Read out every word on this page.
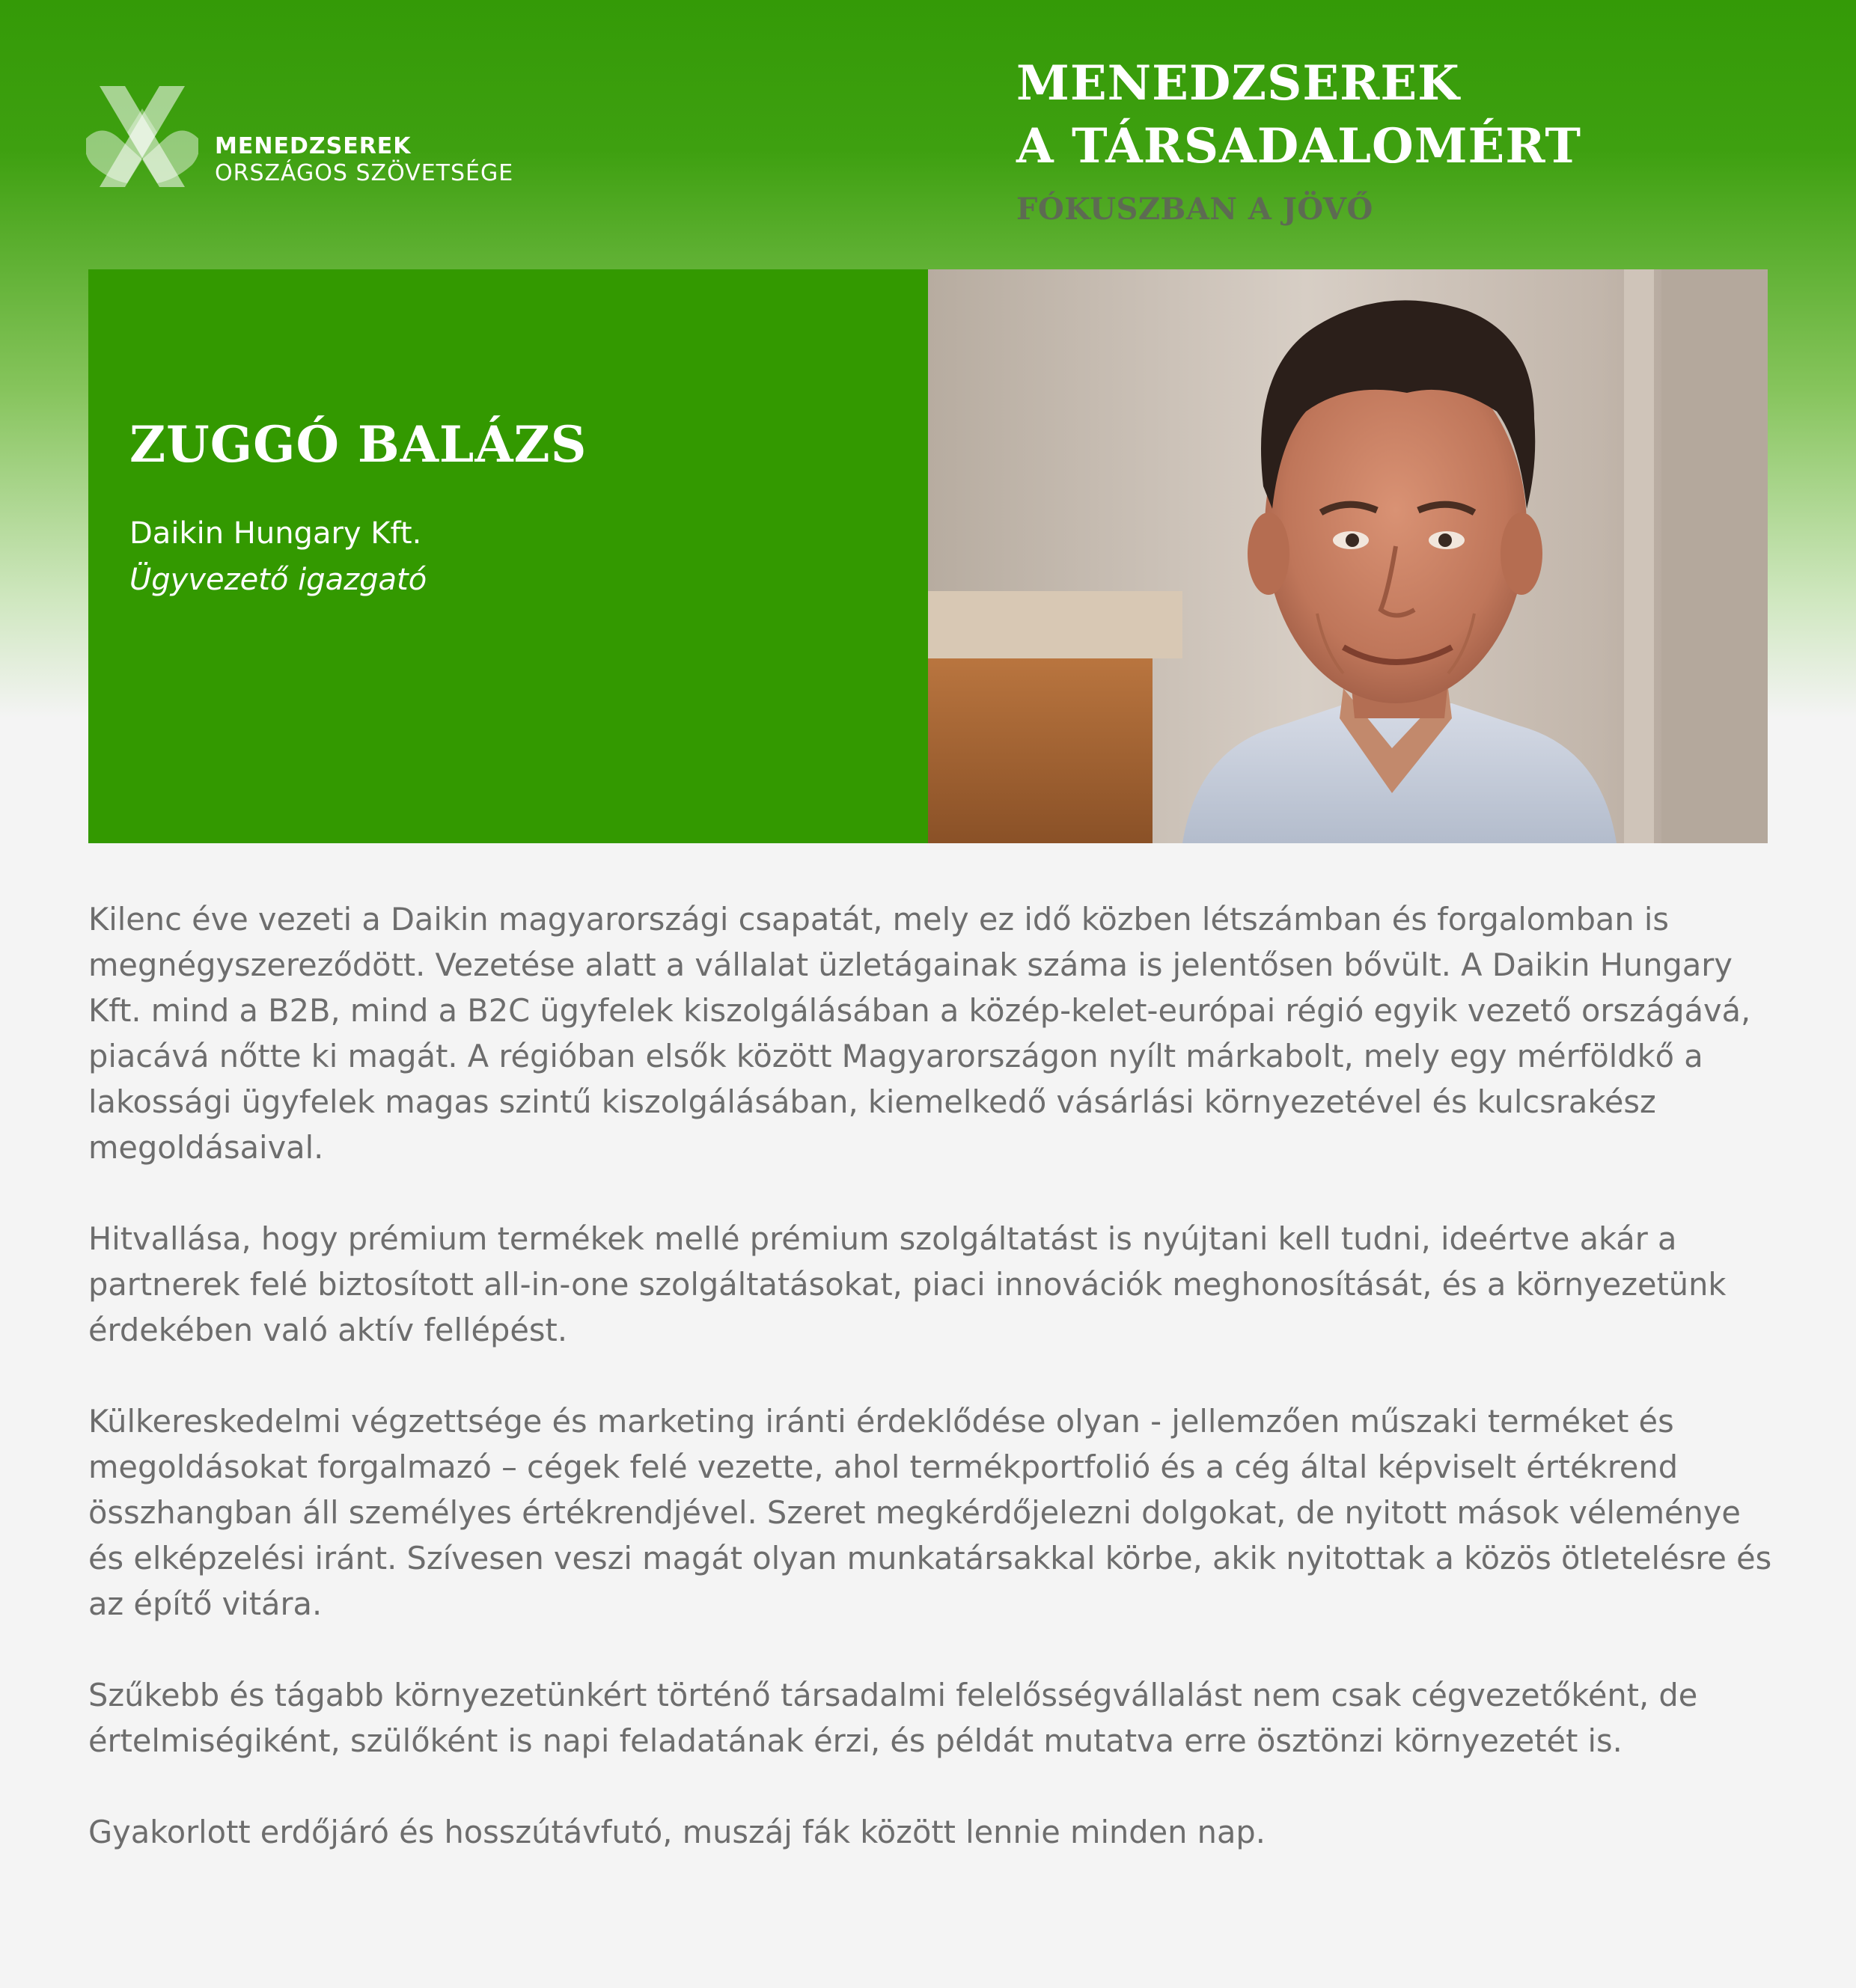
MENEDZSEREK
ORSZÁGOS SZÖVETSÉGE
MENEDZSEREK
A TÁRSADALOMÉRT
FÓKUSZBAN A JÖVŐ
ZUGGÓ BALÁZS
Daikin Hungary Kft.
Ügyvezető igazgató

Kilenc éve vezeti a Daikin magyarországi csapatát, mely ez idő közben létszámban és forgalomban is megnégyszereződött. Vezetése alatt a vállalat üzletágainak száma is jelentősen bővült. A Daikin Hungary Kft. mind a B2B, mind a B2C ügyfelek kiszolgálásában a közép-kelet-európai régió egyik vezető országává, piacává nőtte ki magát. A régióban elsők között Magyarországon nyílt márkabolt, mely egy mérföldkő a lakossági ügyfelek magas szintű kiszolgálásában, kiemelkedő vásárlási környezetével és kulcsrakész megoldásaival.

Hitvallása, hogy prémium termékek mellé prémium szolgáltatást is nyújtani kell tudni, ideértve akár a partnerek felé biztosított all-in-one szolgáltatásokat, piaci innovációk meghonosítását, és a környezetünk érdekében való aktív fellépést.

Külkereskedelmi végzettsége és marketing iránti érdeklődése olyan - jellemzően műszaki terméket és megoldásokat forgalmazó – cégek felé vezette, ahol termékportfolió és a cég által képviselt értékrend összhangban áll személyes értékrendjével. Szeret megkérdőjelezni dolgokat, de nyitott mások véleménye és elképzelési iránt. Szívesen veszi magát olyan munkatársakkal körbe, akik nyitottak a közös ötletelésre és az építő vitára.

Szűkebb és tágabb környezetünkért történő társadalmi felelősségvállalást nem csak cégvezetőként, de értelmiségiként, szülőként is napi feladatának érzi, és példát mutatva erre ösztönzi környezetét is.

Gyakorlott erdőjáró és hosszútávfutó, muszáj fák között lennie minden nap.
